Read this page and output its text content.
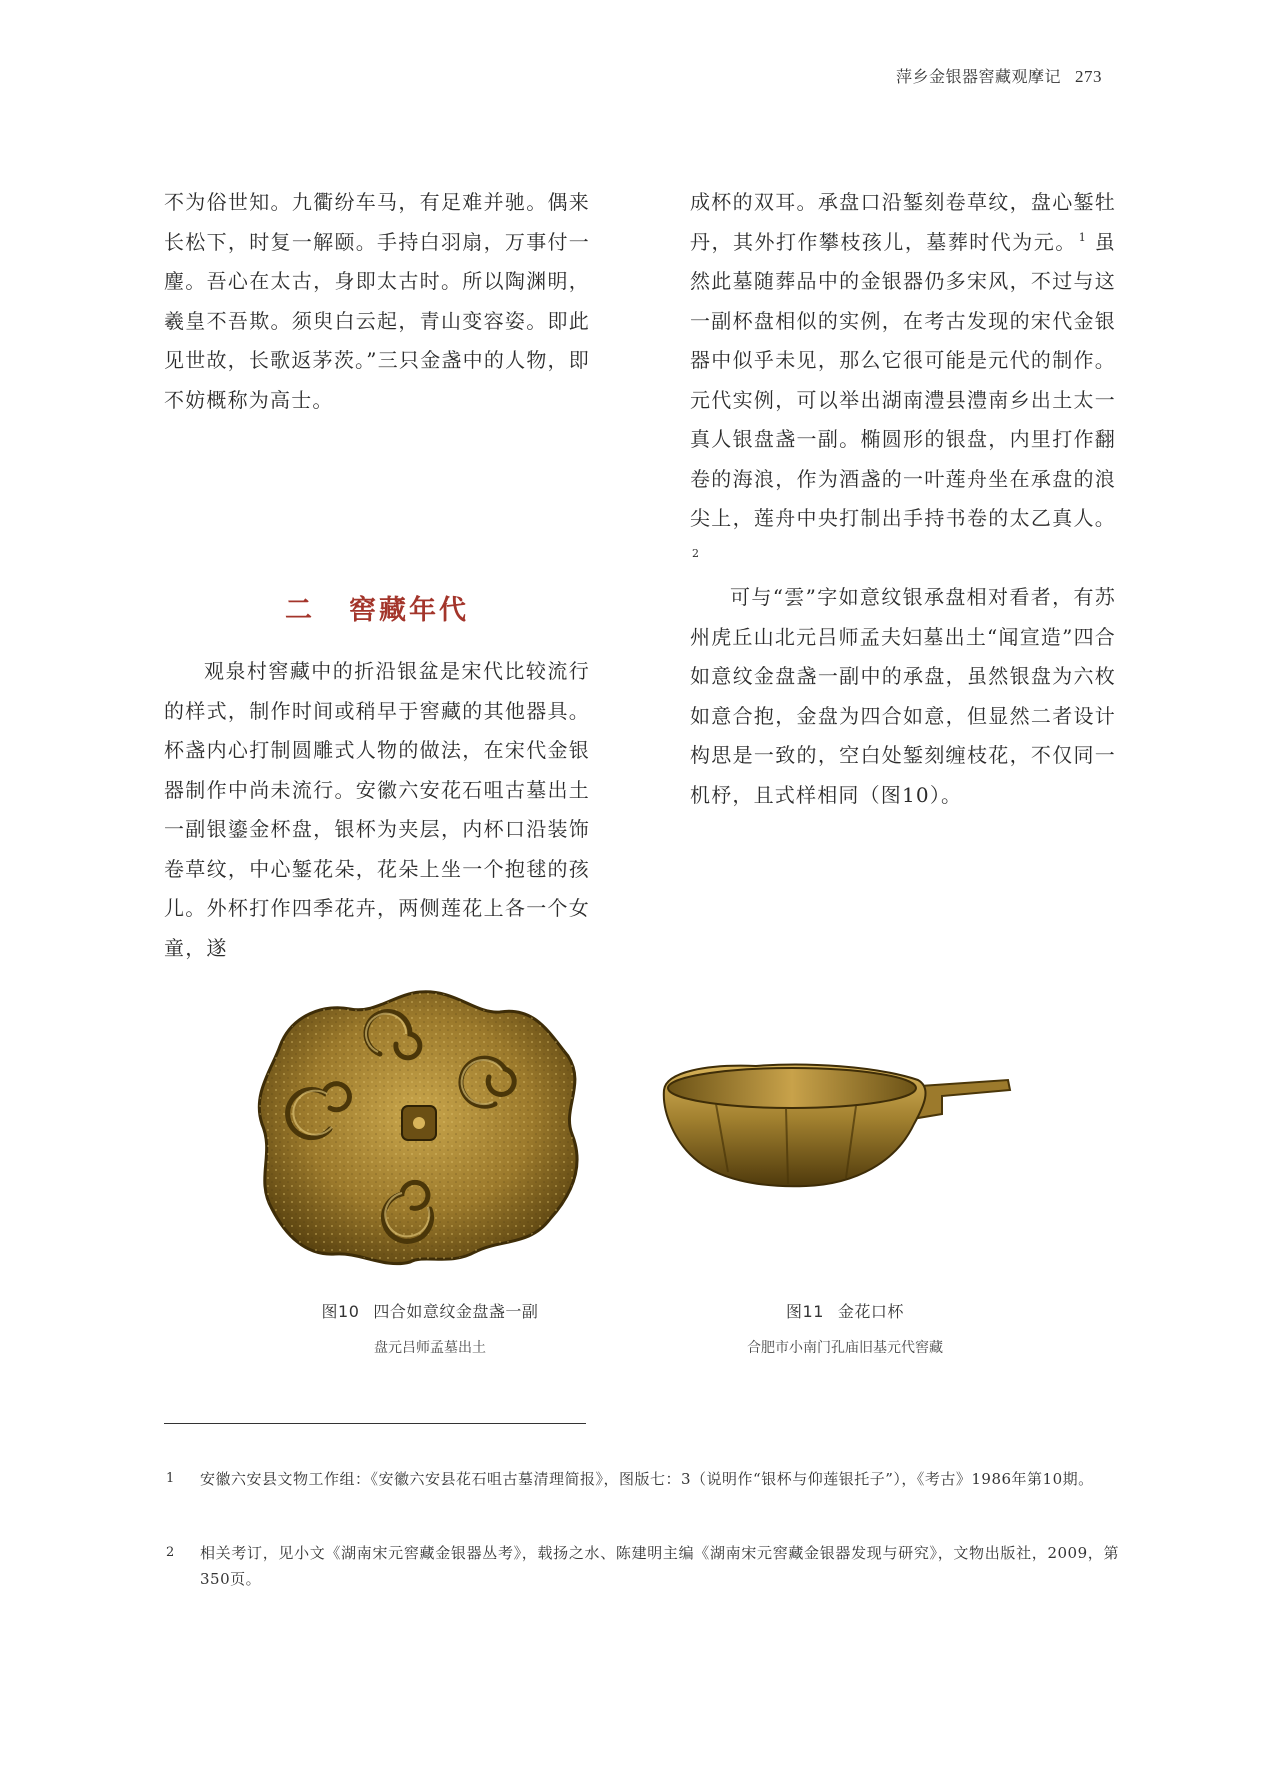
萍乡金银器窖藏观摩记 273

不为俗世知。九衢纷车马，有足难并驰。偶来长松下，时复一解颐。手持白羽扇，万事付一麈。吾心在太古，身即太古时。所以陶渊明，羲皇不吾欺。须臾白云起，青山变容姿。即此见世故，长歌返茅茨。”三只金盏中的人物，即不妨概称为高士。

二 窖藏年代

观泉村窖藏中的折沿银盆是宋代比较流行的样式，制作时间或稍早于窖藏的其他器具。杯盏内心打制圆雕式人物的做法，在宋代金银器制作中尚未流行。安徽六安花石咀古墓出土一副银鎏金杯盘，银杯为夹层，内杯口沿装饰卷草纹，中心錾花朵，花朵上坐一个抱毬的孩儿。外杯打作四季花卉，两侧莲花上各一个女童，遂

成杯的双耳。承盘口沿錾刻卷草纹，盘心錾牡丹，其外打作攀枝孩儿，墓葬时代为元。 $^1$ 虽然此墓随葬品中的金银器仍多宋风，不过与这一副杯盘相似的实例，在考古发现的宋代金银器中似乎未见，那么它很可能是元代的制作。元代实例，可以举出湖南澧县澧南乡出土太一真人银盘盏一副。椭圆形的银盘，内里打作翻卷的海浪，作为酒盏的一叶莲舟坐在承盘的浪尖上，莲舟中央打制出手持书卷的太乙真人。$^2$

可与“雲”字如意纹银承盘相对看者，有苏州虎丘山北元吕师孟夫妇墓出土“闻宣造”四合如意纹金盘盏一副中的承盘，虽然银盘为六枚如意合抱，金盘为四合如意，但显然二者设计构思是一致的，空白处錾刻缠枝花，不仅同一机杼，且式样相同（图10）。

图10 四合如意纹金盘盏一副
盘元吕师孟墓出土
图11 金花口杯
合肥市小南门孔庙旧基元代窖藏
1 安徽六安县文物工作组：《安徽六安县花石咀古墓清理简报》，图版七：3（说明作“银杯与仰莲银托子”），《考古》1986年第10期。
2 相关考订，见小文《湖南宋元窖藏金银器丛考》，载扬之水、陈建明主编《湖南宋元窖藏金银器发现与研究》，文物出版社，2009，第350页。
